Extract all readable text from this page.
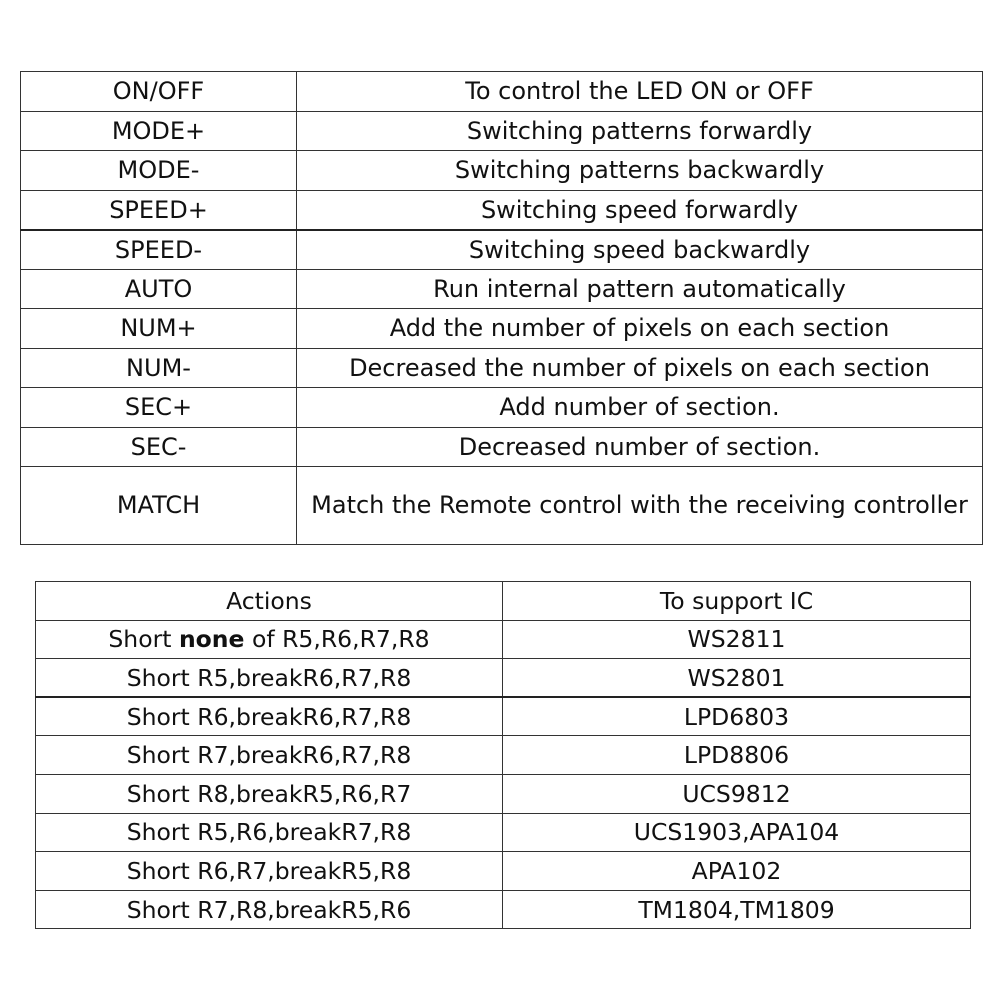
ON/OFF	To control the LED ON or OFF
MODE+	Switching patterns forwardly
MODE-	Switching patterns backwardly
SPEED+	Switching speed forwardly
SPEED-	Switching speed backwardly
AUTO	Run internal pattern automatically
NUM+	Add the number of pixels on each section
NUM-	Decreased the number of pixels on each section
SEC+	Add number of section.
SEC-	Decreased number of section.
MATCH	Match the Remote control with the receiving controller
Actions	To support IC
Short none of R5,R6,R7,R8	WS2811
Short R5,breakR6,R7,R8	WS2801
Short R6,breakR6,R7,R8	LPD6803
Short R7,breakR6,R7,R8	LPD8806
Short R8,breakR5,R6,R7	UCS9812
Short R5,R6,breakR7,R8	UCS1903,APA104
Short R6,R7,breakR5,R8	APA102
Short R7,R8,breakR5,R6	TM1804,TM1809
